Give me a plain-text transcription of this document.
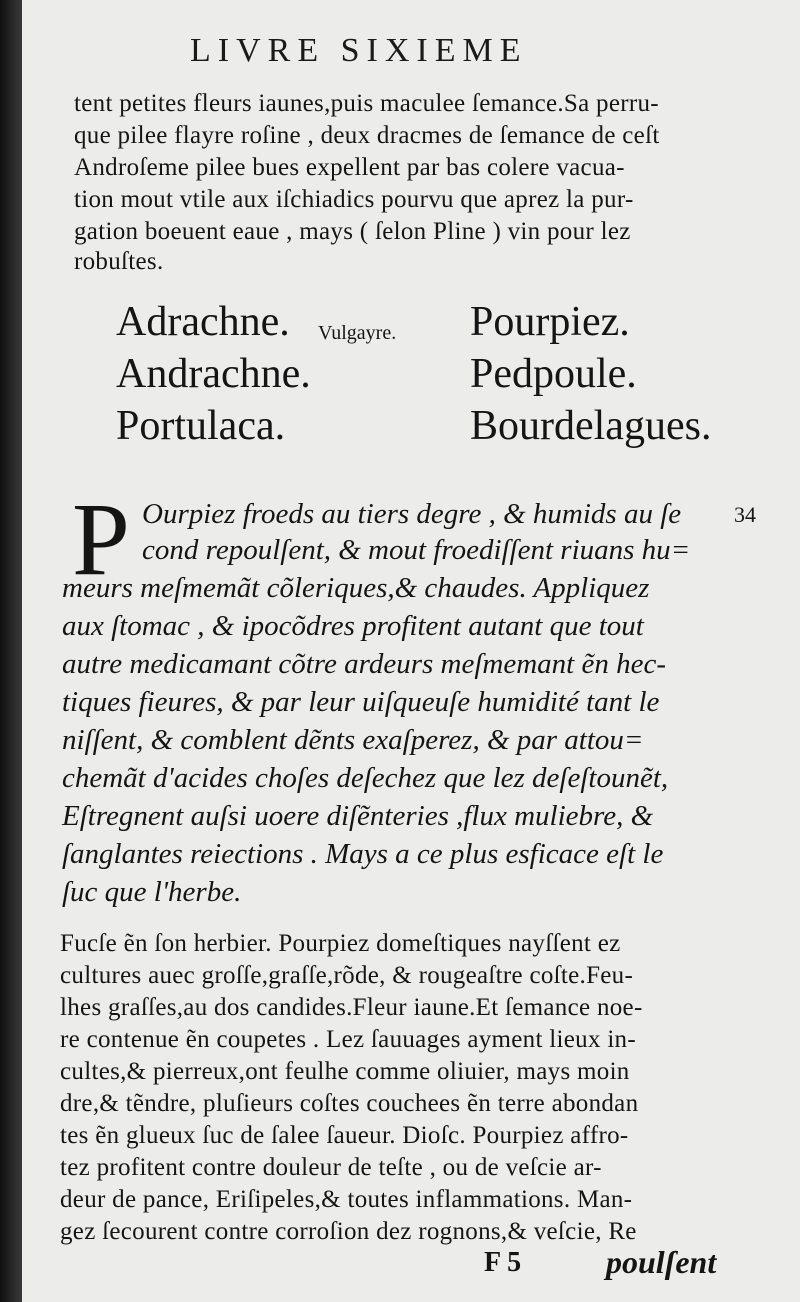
LIVRE SIXIEME
tent petites fleurs iaunes,puis maculee ſemance.Sa perru-
que pilee flayre roſine , deux dracmes de ſemance de ceſt
Androſeme pilee bues expellent par bas colere vacua-
tion mout vtile aux iſchiadics pourvu que aprez la pur-
gation boeuent eaue , mays ( ſelon Pline ) vin pour lez
robuſtes.
Adrachne.
Andrachne.
Portulaca.
Vulgayre. Pourpiez.
Pedpoule.
Bourdelagues.
P	34
Ourpiez froeds au tiers degre , & humids au ſe
cond repoulſent, & mout froediſſent riuans hu=
meurs meſmemãt cõleriques,& chaudes. Appliquez
aux ſtomac , & ipocõdres profitent autant que tout
autre medicamant cõtre ardeurs meſmemant ẽn hec-
tiques fieures, & par leur uiſqueuſe humidité tant le
niſſent, & comblent dẽnts exaſperez, & par attou=
chemãt d'acides choſes deſechez que lez deſeſtounẽt,
Eſtregnent auſsi uoere diſẽnteries ,flux muliebre, &
ſanglantes reiections . Mays a ce plus esficace eſt le
ſuc que l'herbe.
Fucſe ẽn ſon herbier. Pourpiez domeſtiques nayſſent ez
cultures auec groſſe,graſſe,rõde, & rougeaſtre coſte.Feu-
lhes graſſes,au dos candides.Fleur iaune.Et ſemance noe-
re contenue ẽn coupetes . Lez ſauuages ayment lieux in-
cultes,& pierreux,ont feulhe comme oliuier, mays moin
dre,& tẽndre, pluſieurs coſtes couchees ẽn terre abondan
tes ẽn glueux ſuc de ſalee ſaueur. Dioſc. Pourpiez affro-
tez profitent contre douleur de teſte , ou de veſcie ar-
deur de pance, Eriſipeles,& toutes inflammations. Man-
gez ſecourent contre corroſion dez rognons,& veſcie, Re
F 5	poulſent
